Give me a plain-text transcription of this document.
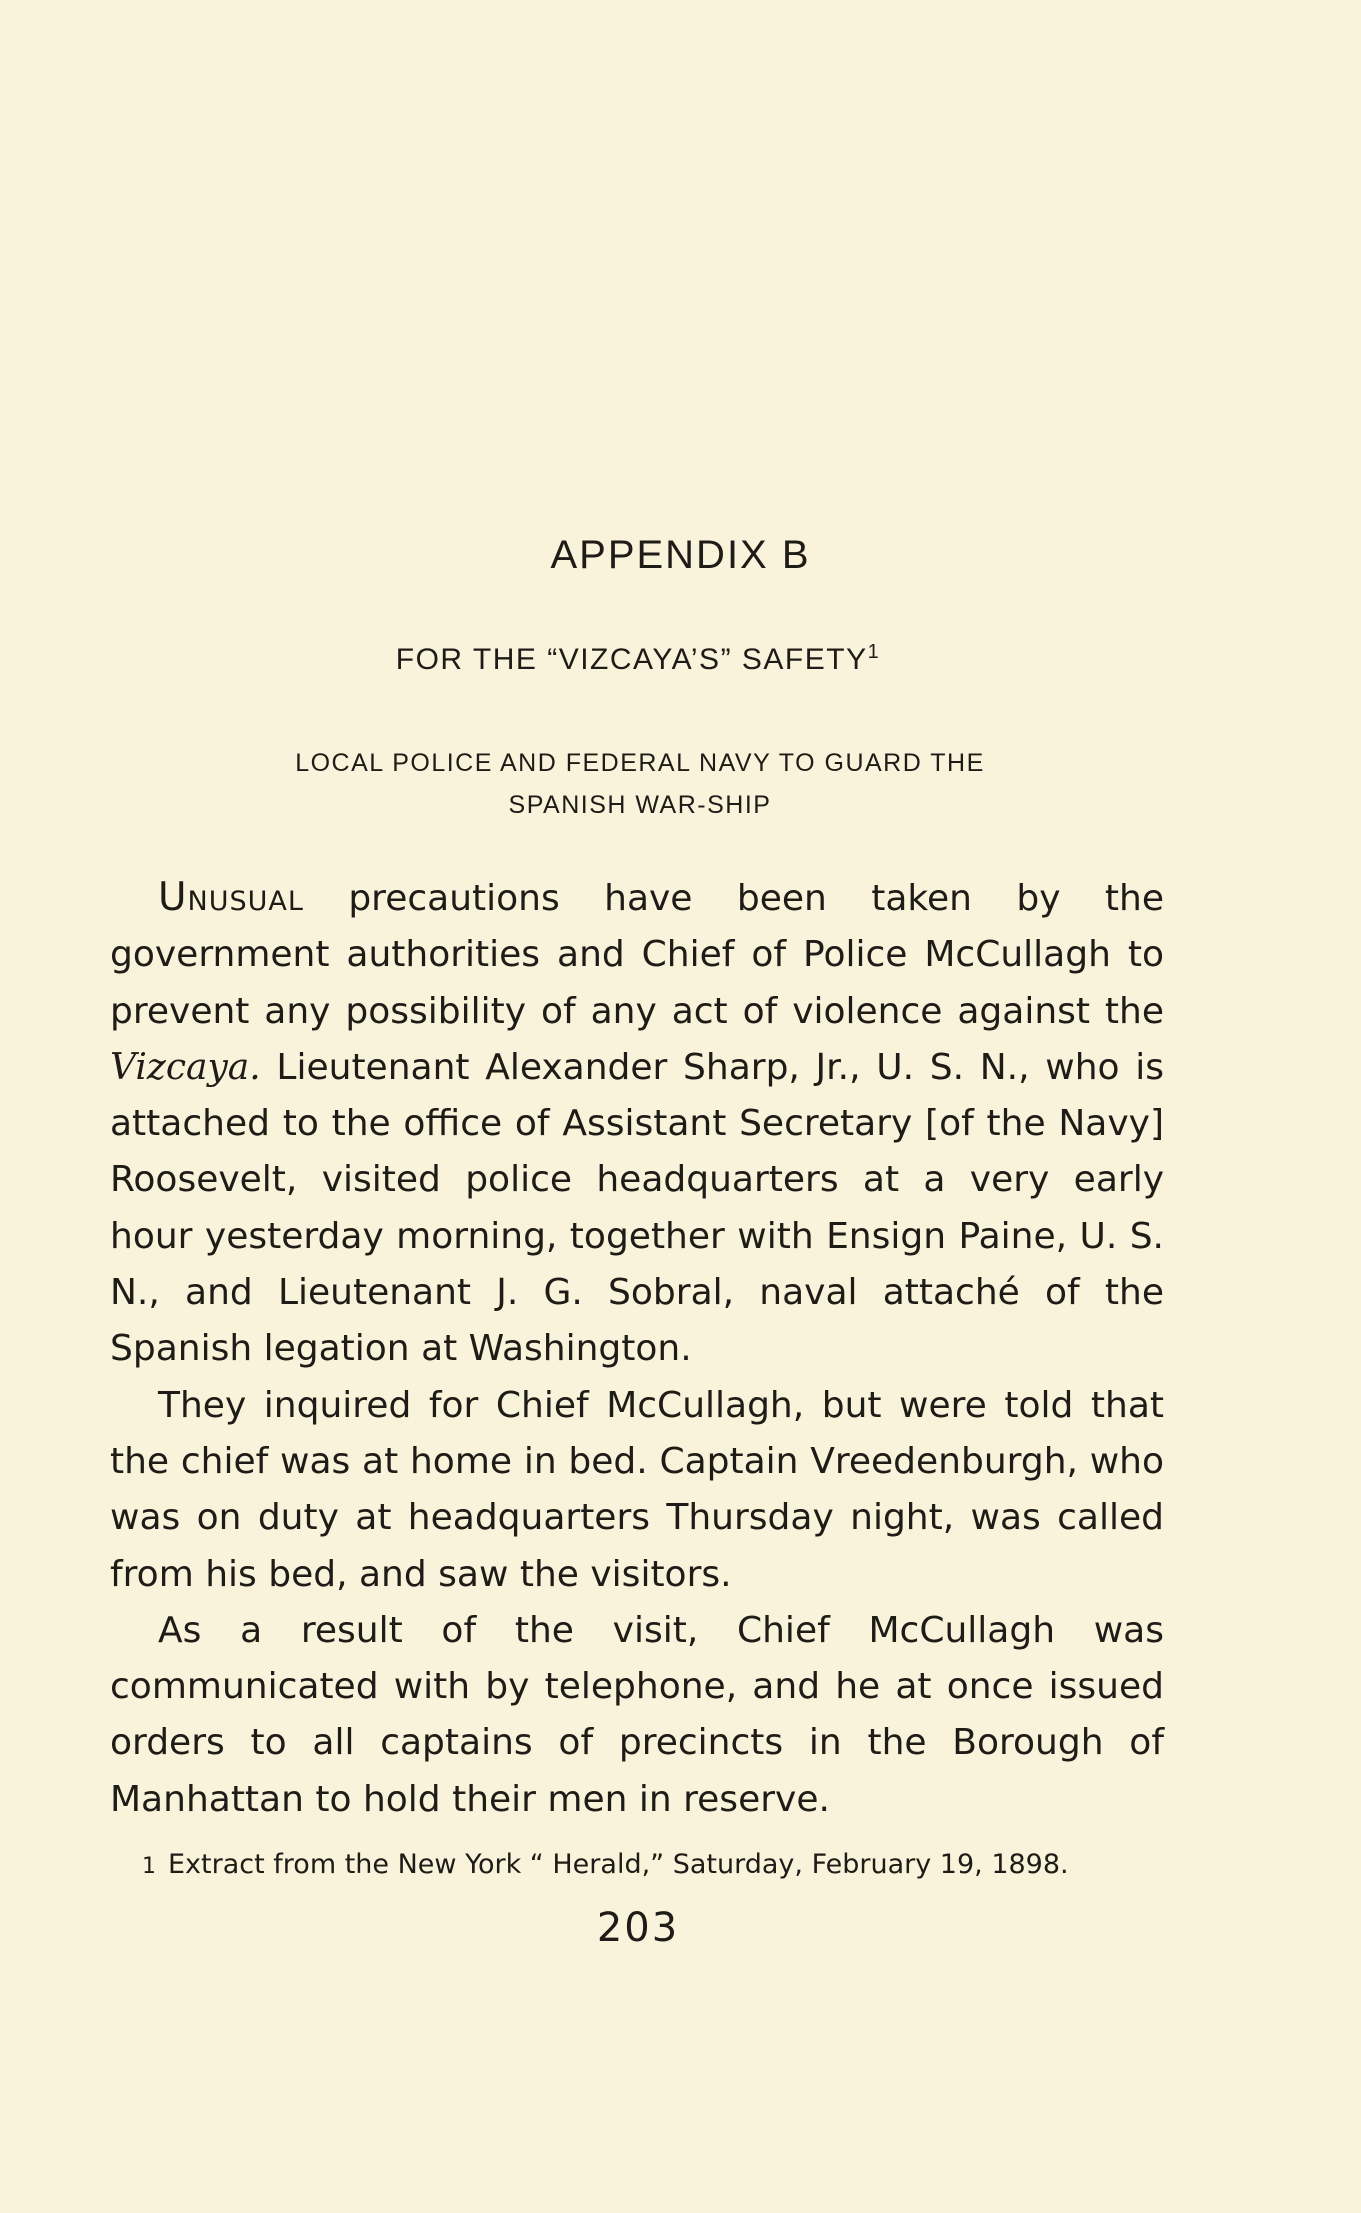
APPENDIX B
FOR THE “VIZCAYA’S” SAFETY$^1$
LOCAL POLICE AND FEDERAL NAVY TO GUARD THE
SPANISH WAR-SHIP

Unusual precautions have been taken by the government authorities and Chief of Police McCullagh to prevent any possibility of any act of violence against the Vizcaya. Lieutenant Alexander Sharp, Jr., U. S. N., who is attached to the office of Assistant Secretary [of the Navy] Roosevelt, visited police headquarters at a very early hour yesterday morning, together with Ensign Paine, U. S. N., and Lieutenant J. G. Sobral, naval attaché of the Spanish legation at Washington.

They inquired for Chief McCullagh, but were told that the chief was at home in bed. Captain Vreedenburgh, who was on duty at headquarters Thursday night, was called from his bed, and saw the visitors.

As a result of the visit, Chief McCullagh was communicated with by telephone, and he at once issued orders to all captains of precincts in the Borough of Manhattan to hold their men in reserve.

1 Extract from the New York “ Herald,” Saturday, February 19, 1898.
203
